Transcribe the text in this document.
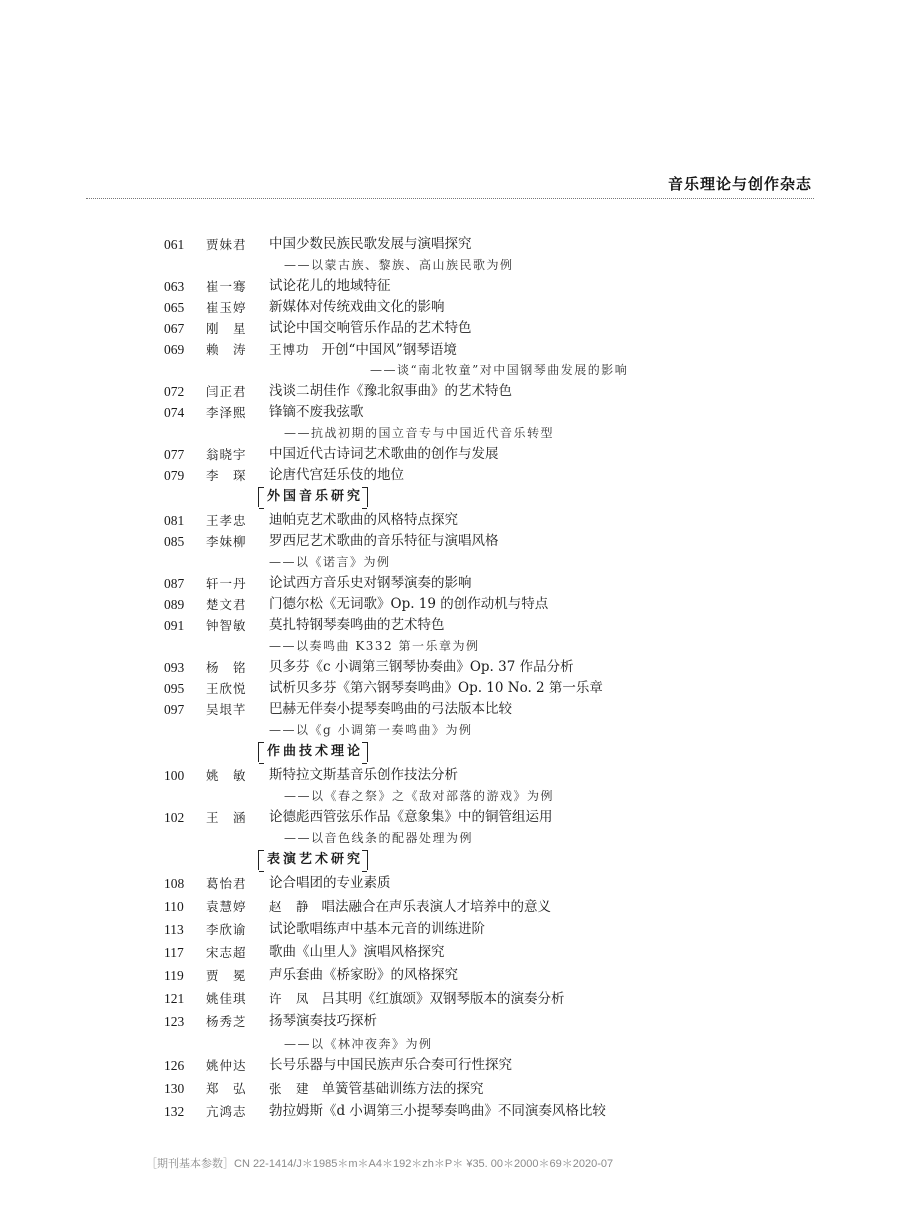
音乐理论与创作杂志
061	贾妹君	中国少数民族民歌发展与演唱探究
——以蒙古族、黎族、高山族民歌为例
063	崔一骞	试论花儿的地域特征
065	崔玉婷	新媒体对传统戏曲文化的影响
067	刚　星	试论中国交响管乐作品的艺术特色
069	赖　涛	王博功 开创“中国风”钢琴语境
——谈“南北牧童”对中国钢琴曲发展的影响
072	闫正君	浅谈二胡佳作《豫北叙事曲》的艺术特色
074	李泽熙	锋镝不废我弦歌
——抗战初期的国立音专与中国近代音乐转型
077	翁晓宇	中国近代古诗词艺术歌曲的创作与发展
079	李　琛	论唐代宫廷乐伎的地位
外国音乐研究
081	王孝忠	迪帕克艺术歌曲的风格特点探究
085	李妹柳	罗西尼艺术歌曲的音乐特征与演唱风格
——以《诺言》为例
087	轩一丹	论试西方音乐史对钢琴演奏的影响
089	楚文君	门德尔松《无词歌》Op. 19 的创作动机与特点
091	钟智敏	莫扎特钢琴奏鸣曲的艺术特色
——以奏鸣曲 K332 第一乐章为例
093	杨　铭	贝多芬《c 小调第三钢琴协奏曲》Op. 37 作品分析
095	王欣悦	试析贝多芬《第六钢琴奏鸣曲》Op. 10 No. 2 第一乐章
097	吴垠芊	巴赫无伴奏小提琴奏鸣曲的弓法版本比较
——以《g 小调第一奏鸣曲》为例
作曲技术理论
100	姚　敏	斯特拉文斯基音乐创作技法分析
——以《春之祭》之《敌对部落的游戏》为例
102	王　涵	论德彪西管弦乐作品《意象集》中的铜管组运用
——以音色线条的配器处理为例
表演艺术研究
108	葛怡君	论合唱团的专业素质
110	袁慧婷	赵　静 唱法融合在声乐表演人才培养中的意义
113	李欣谕	试论歌唱练声中基本元音的训练进阶
117	宋志超	歌曲《山里人》演唱风格探究
119	贾　冕	声乐套曲《桥家盼》的风格探究
121	姚佳琪	许　凤 吕其明《红旗颂》双钢琴版本的演奏分析
123	杨秀芝	扬琴演奏技巧探析
——以《林冲夜奔》为例
126	姚仲达	长号乐器与中国民族声乐合奏可行性探究
130	郑　弘	张　建 单簧管基础训练方法的探究
132	亢鸿志	勃拉姆斯《d 小调第三小提琴奏鸣曲》不同演奏风格比较
［期刊基本参数］CN 22-1414/J＊1985＊m＊A4＊192＊zh＊P＊ ¥35. 00＊2000＊69＊2020-07
